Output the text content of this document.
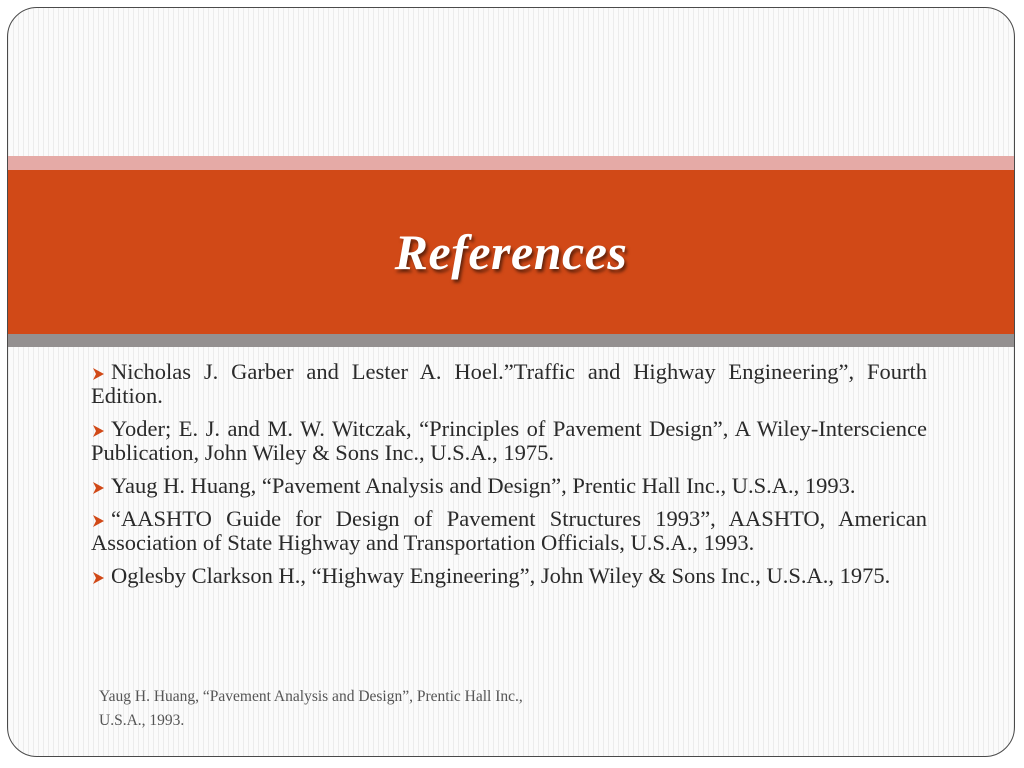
References
Nicholas J. Garber and Lester A. Hoel.”Traffic and Highway Engineering”, Fourth Edition.
Yoder; E. J. and M. W. Witczak, “Principles of Pavement Design”, A Wiley-Interscience Publication, John Wiley & Sons Inc., U.S.A., 1975.
Yaug H. Huang, “Pavement Analysis and Design”, Prentic Hall Inc., U.S.A., 1993.
“AASHTO Guide for Design of Pavement Structures 1993”, AASHTO, American Association of State Highway and Transportation Officials, U.S.A., 1993.
Oglesby Clarkson H., “Highway Engineering”, John Wiley & Sons Inc., U.S.A., 1975.
Yaug H. Huang, “Pavement Analysis and Design”, Prentic Hall Inc.,
U.S.A., 1993.
